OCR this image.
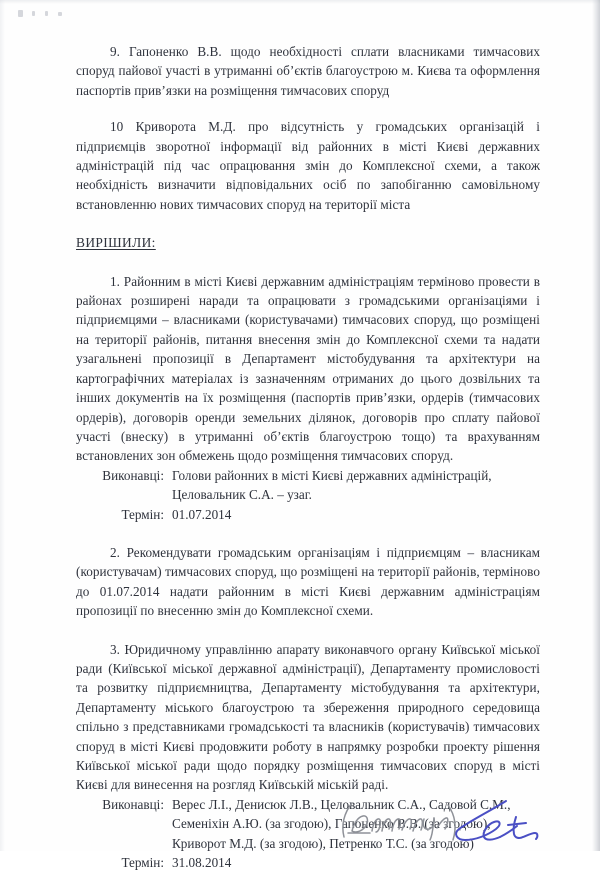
9. Гапоненко В.В. щодо необхідності сплати власниками тимчасових споруд пайової участі в утриманні об’єктів благоустрою м. Києва та оформлення паспортів прив’язки на розміщення тимчасових споруд

10 Криворота М.Д. про відсутність у громадських організацій і підприємців зворотної інформації від районних в місті Києві державних адміністрацій під час опрацювання змін до Комплексної схеми, а також необхідність визначити відповідальних осіб по запобіганню самовільному встановленню нових тимчасових споруд на території міста

ВИРІШИЛИ:

1. Районним в місті Києві державним адміністраціям терміново провести в районах розширені наради та опрацювати з громадськими організаціями і підприємцями – власниками (користувачами) тимчасових споруд, що розміщені на території районів, питання внесення змін до Комплексної схеми та надати узагальнені пропозиції в Департамент містобудування та архітектури на картографічних матеріалах із зазначенням отриманих до цього дозвільних та інших документів на їх розміщення (паспортів прив’язки, ордерів (тимчасових ордерів), договорів оренди земельних ділянок, договорів про сплату пайової участі (внеску) в утриманні об’єктів благоустрою тощо) та врахуванням встановлених зон обмежень щодо розміщення тимчасових споруд.

Виконавці:	Голови районних в місті Києві державних адміністрацій,
Целовальник С.А. – узаг.

Термін:	01.07.2014

2. Рекомендувати громадським організаціям і підприємцям – власникам (користувачам) тимчасових споруд, що розміщені на території районів, терміново до 01.07.2014 надати районним в місті Києві державним адміністраціям пропозиції по внесенню змін до Комплексної схеми.

3. Юридичному управлінню апарату виконавчого органу Київської міської ради (Київської міської державної адміністрації), Департаменту промисловості та розвитку підприємництва, Департаменту містобудування та архітектури, Департаменту міського благоустрою та збереження природного середовища спільно з представниками громадськості та власників (користувачів) тимчасових споруд в місті Києві продовжити роботу в напрямку розробки проекту рішення Київської міської ради щодо порядку розміщення тимчасових споруд в місті Києві для винесення на розгляд Київській міській раді.

Виконавці:	Верес Л.І., Денисюк Л.В., Целовальник С.А., Садовой С.М.,
Семеніхін А.Ю. (за згодою), Гапоненко В.В. (за згодою),
Криворот М.Д. (за згодою), Петренко Т.С. (за згодою)

Термін:	31.08.2014
